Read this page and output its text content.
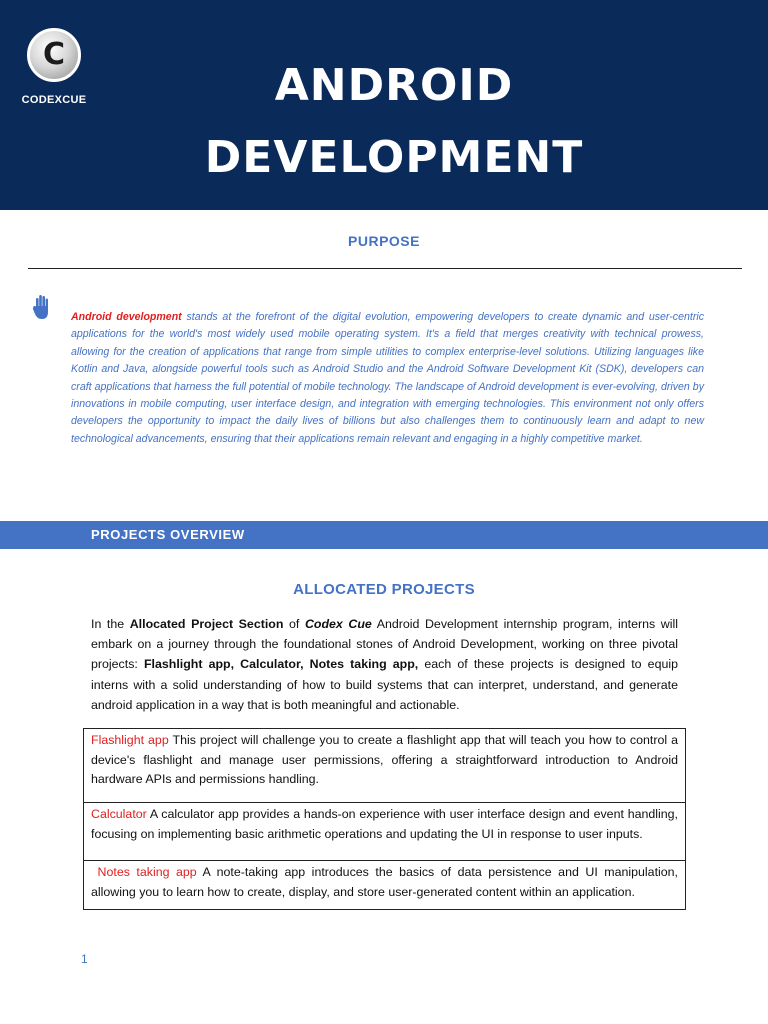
C
CODEXCUE	ANDROID
DEVELOPMENT
PURPOSE

Android development stands at the forefront of the digital evolution, empowering developers to create dynamic and user-centric applications for the world's most widely used mobile operating system. It's a field that merges creativity with technical prowess, allowing for the creation of applications that range from simple utilities to complex enterprise-level solutions. Utilizing languages like Kotlin and Java, alongside powerful tools such as Android Studio and the Android Software Development Kit (SDK), developers can craft applications that harness the full potential of mobile technology. The landscape of Android development is ever-evolving, driven by innovations in mobile computing, user interface design, and integration with emerging technologies. This environment not only offers developers the opportunity to impact the daily lives of billions but also challenges them to continuously learn and adapt to new technological advancements, ensuring that their applications remain relevant and engaging in a highly competitive market.

PROJECTS OVERVIEW
ALLOCATED PROJECTS

In the Allocated Project Section of Codex Cue Android Development internship program, interns will embark on a journey through the foundational stones of Android Development, working on three pivotal projects: Flashlight app, Calculator, Notes taking app, each of these projects is designed to equip interns with a solid understanding of how to build systems that can interpret, understand, and generate android application in a way that is both meaningful and actionable.

Flashlight app This project will challenge you to create a flashlight app that will teach you how to control a device's flashlight and manage user permissions, offering a straightforward introduction to Android hardware APIs and permissions handling.
Calculator A calculator app provides a hands-on experience with user interface design and event handling, focusing on implementing basic arithmetic operations and updating the UI in response to user inputs.
Notes taking app A note-taking app introduces the basics of data persistence and UI manipulation, allowing you to learn how to create, display, and store user-generated content within an application.
1
